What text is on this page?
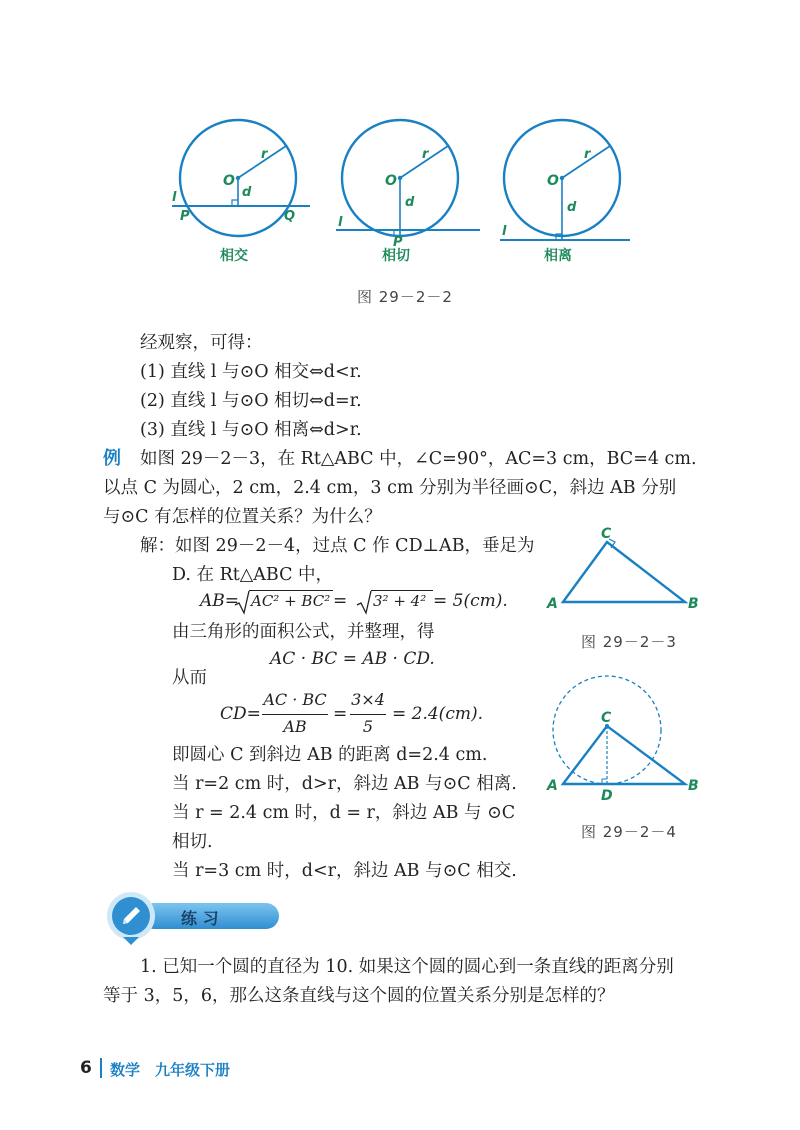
O
r
d
l
P	Q
相交
O
r
d
l
P
相切
O
r
d
l
相离
图 29－2－2
经观察，可得：
(1) 直线 l 与⊙O 相交⇔d<r.
(2) 直线 l 与⊙O 相切⇔d=r.
(3) 直线 l 与⊙O 相离⇔d>r.
例 如图 29－2－3，在 Rt△ABC 中，∠C=90°，AC=3 cm，BC=4 cm.
以点 C 为圆心，2 cm，2.4 cm，3 cm 分别为半径画⊙C，斜边 AB 分别
与⊙C 有怎样的位置关系？为什么？
解：如图 29－2－4，过点 C 作 CD⊥AB，垂足为
D. 在 Rt△ABC 中，
AB= AC² + BC² = 3² + 4² = 5(cm).
由三角形的面积公式，并整理，得
AC · BC = AB · CD.
从而
CD=
AC · BC
AB
=
3×4
5
= 2.4(cm).
即圆心 C 到斜边 AB 的距离 d=2.4 cm.
当 r=2 cm 时，d>r，斜边 AB 与⊙C 相离.
当 r = 2.4 cm 时，d = r，斜边 AB 与 ⊙C
相切.
当 r=3 cm 时，d<r，斜边 AB 与⊙C 相交.
A	B
C
图 29－2－3
A	B
C
D
图 29－2－4
练 习
1. 已知一个圆的直径为 10. 如果这个圆的圆心到一条直线的距离分别
等于 3，5，6，那么这条直线与这个圆的位置关系分别是怎样的？
6 数学 九年级下册
